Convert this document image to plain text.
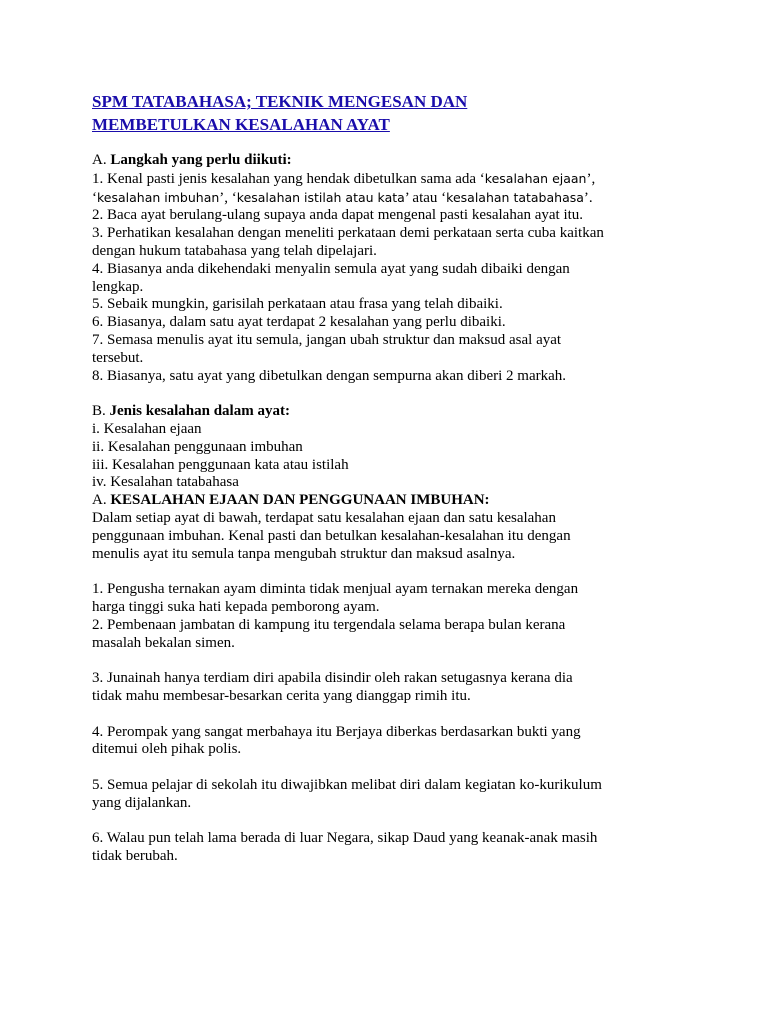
SPM TATABAHASA; TEKNIK MENGESAN DAN
MEMBETULKAN KESALAHAN AYAT
A. Langkah yang perlu diikuti:
1. Kenal pasti jenis kesalahan yang hendak dibetulkan sama ada ‘kesalahan ejaan’,
‘kesalahan imbuhan’, ‘kesalahan istilah atau kata’ atau ‘kesalahan tatabahasa’.
2. Baca ayat berulang-ulang supaya anda dapat mengenal pasti kesalahan ayat itu.
3. Perhatikan kesalahan dengan meneliti perkataan demi perkataan serta cuba kaitkan
dengan hukum tatabahasa yang telah dipelajari.
4. Biasanya anda dikehendaki menyalin semula ayat yang sudah dibaiki dengan
lengkap.
5. Sebaik mungkin, garisilah perkataan atau frasa yang telah dibaiki.
6. Biasanya, dalam satu ayat terdapat 2 kesalahan yang perlu dibaiki.
7. Semasa menulis ayat itu semula, jangan ubah struktur dan maksud asal ayat
tersebut.
8. Biasanya, satu ayat yang dibetulkan dengan sempurna akan diberi 2 markah.
B. Jenis kesalahan dalam ayat:
i. Kesalahan ejaan
ii. Kesalahan penggunaan imbuhan
iii. Kesalahan penggunaan kata atau istilah
iv. Kesalahan tatabahasa
A. KESALAHAN EJAAN DAN PENGGUNAAN IMBUHAN:
Dalam setiap ayat di bawah, terdapat satu kesalahan ejaan dan satu kesalahan
penggunaan imbuhan. Kenal pasti dan betulkan kesalahan-kesalahan itu dengan
menulis ayat itu semula tanpa mengubah struktur dan maksud asalnya.
1. Pengusha ternakan ayam diminta tidak menjual ayam ternakan mereka dengan
harga tinggi suka hati kepada pemborong ayam.
2. Pembenaan jambatan di kampung itu tergendala selama berapa bulan kerana
masalah bekalan simen.
3. Junainah hanya terdiam diri apabila disindir oleh rakan setugasnya kerana dia
tidak mahu membesar-besarkan cerita yang dianggap rimih itu.
4. Perompak yang sangat merbahaya itu Berjaya diberkas berdasarkan bukti yang
ditemui oleh pihak polis.
5. Semua pelajar di sekolah itu diwajibkan melibat diri dalam kegiatan ko-kurikulum
yang dijalankan.
6. Walau pun telah lama berada di luar Negara, sikap Daud yang keanak-anak masih
tidak berubah.
